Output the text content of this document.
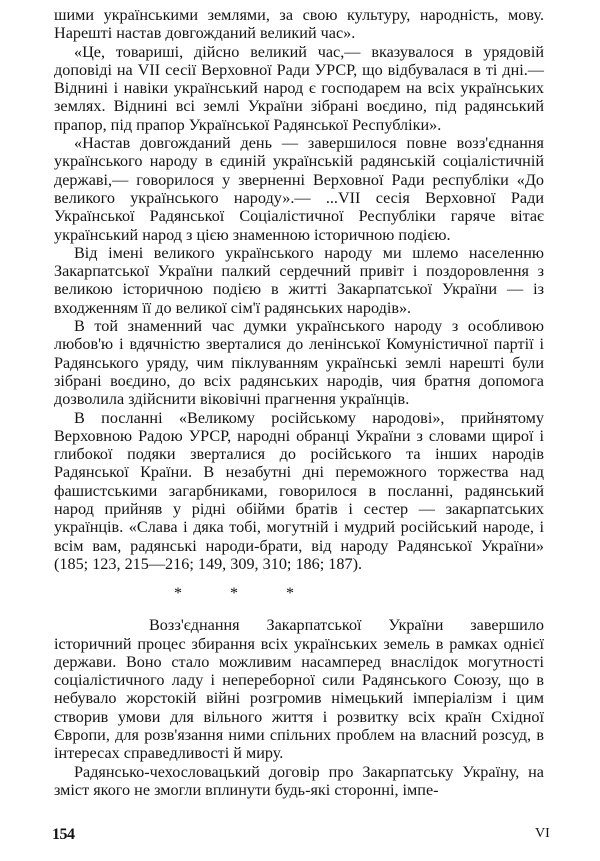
шими українськими землями, за свою культуру, народність, мову. Нарешті настав довгожданий великий час».

«Це, товариші, дійсно великий час,— вказувалося в урядовій доповіді на VII сесії Верховної Ради УРСР, що відбувалася в ті дні.— Віднині і навіки український народ є господарем на всіх українських землях. Віднині всі землі України зібрані воєдино, під радянський прапор, під прапор Української Радянської Республіки».

«Настав довгожданий день — завершилося повне возз'єднання українського народу в єдиній українській радянській соціалістичній державі,— говорилося у зверненні Верховної Ради республіки «До великого українського народу».— ...VII сесія Верховної Ради Української Радянської Соціалістичної Республіки гаряче вітає український народ з цією знаменною історичною подією.

Від імені великого українського народу ми шлемо населенню Закарпатської України палкий сердечний привіт і поздоровлення з великою історичною подією в житті Закарпатської України — із входженням її до великої сім'ї радянських народів».

В той знаменний час думки українського народу з особливою любов'ю і вдячністю зверталися до ленінської Комуністичної партії і Радянського уряду, чим піклуванням українські землі нарешті були зібрані воєдино, до всіх радянських народів, чия братня допомога дозволила здійснити віковічні прагнення українців.

В посланні «Великому російському народові», прийнятому Верховною Радою УРСР, народні обранці України з словами щирої і глибокої подяки зверталися до російського та інших народів Радянської Країни. В незабутні дні переможного торжества над фашистськими загарбниками, говорилося в посланні, радянський народ прийняв у рідні обійми братів і сестер — закарпатських українців. «Слава і дяка тобі, могутній і мудрий російський народе, і всім вам, радянські народи-брати, від народу Радянської України» (185; 123, 215—216; 149, 309, 310; 186; 187).

* * *

Возз'єднання Закарпатської України завершило історичний процес збирання всіх українських земель в рамках однієї держави. Воно стало можливим насамперед внаслідок могутності соціалістичного ладу і непереборної сили Радянського Союзу, що в небувало жорстокій війні розгромив німецький імперіалізм і цим створив умови для вільного життя і розвитку всіх країн Східної Європи, для розв'язання ними спільних проблем на власний розсуд, в інтересах справедливості й миру.

Радянсько-чехословацький договір про Закарпатську Україну, на зміст якого не змогли вплинути будь-які сторонні, імпе-

154	VI
